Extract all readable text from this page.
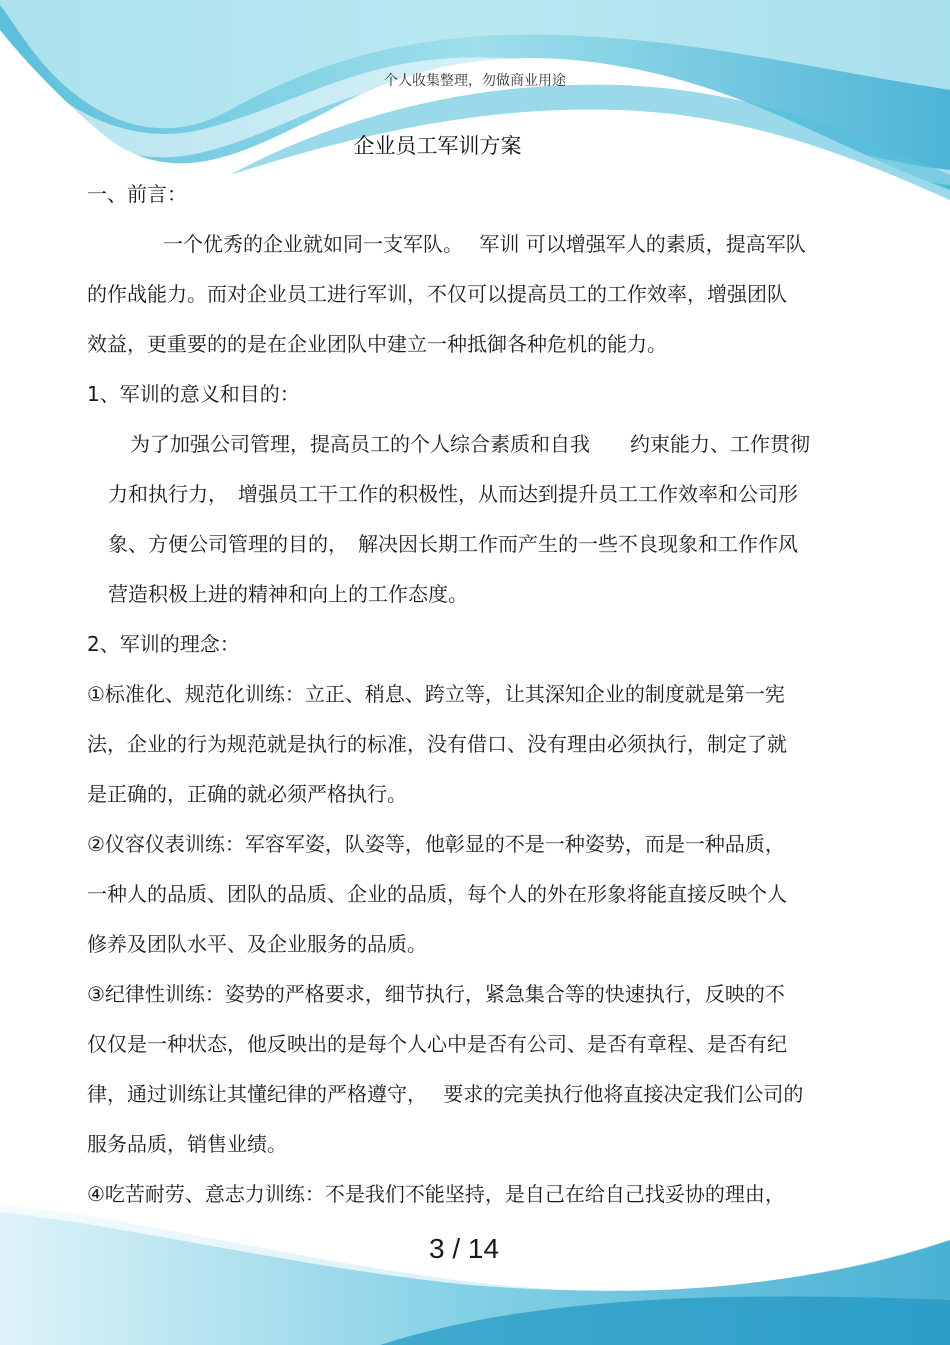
个人收集整理，勿做商业用途
企业员工军训方案
一、前言：
一个优秀的企业就如同一支军队。　 军训 可以增强军人的素质，提高军队
的作战能力。而对企业员工进行军训，不仅可以提高员工的工作效率，增强团队
效益，更重要的的是在企业团队中建立一种抵御各种危机的能力。
1、军训的意义和目的：
为了加强公司管理，提高员工的个人综合素质和自我　　约束能力、工作贯彻
力和执行力，　增强员工干工作的积极性，从而达到提升员工工作效率和公司形
象、方便公司管理的目的，　解决因长期工作而产生的一些不良现象和工作作风
营造积极上进的精神和向上的工作态度。
2、军训的理念：
①标准化、规范化训练：立正、稍息、跨立等，让其深知企业的制度就是第一宪
法，企业的行为规范就是执行的标准，没有借口、没有理由必须执行，制定了就
是正确的，正确的就必须严格执行。
②仪容仪表训练：军容军姿，队姿等，他彰显的不是一种姿势，而是一种品质，
一种人的品质、团队的品质、企业的品质，每个人的外在形象将能直接反映个人
修养及团队水平、及企业服务的品质。
③纪律性训练：姿势的严格要求，细节执行，紧急集合等的快速执行，反映的不
仅仅是一种状态，他反映出的是每个人心中是否有公司、是否有章程、是否有纪
律，通过训练让其懂纪律的严格遵守，　 要求的完美执行他将直接决定我们公司的
服务品质，销售业绩。
④吃苦耐劳、意志力训练：不是我们不能坚持，是自己在给自己找妥协的理由，
3 / 14
